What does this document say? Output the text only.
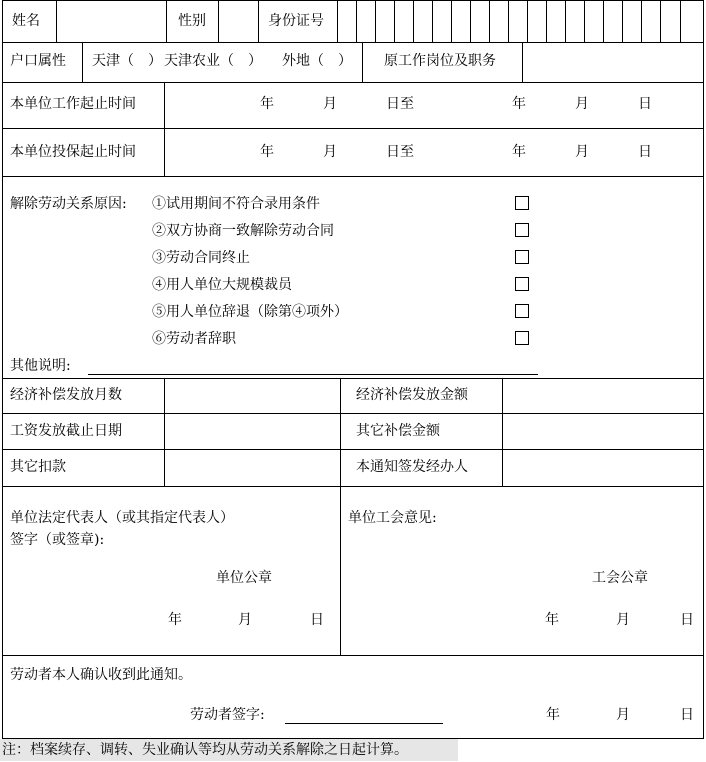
姓名	性别	身份证号
户口属性 天津（　） 天津农业（　） 外地（　） 原工作岗位及职务
本单位工作起止时间	年	月	日至	年	月	日
本单位投保起止时间	年	月	日至	年	月	日
解除劳动关系原因: ①试用期间不符合录用条件
②双方协商一致解除劳动合同
③劳动合同终止
④用人单位大规模裁员
⑤用人单位辞退（除第④项外）
⑥劳动者辞职
其他说明:
经济补偿发放月数	经济补偿发放金额
工资发放截止日期	其它补偿金额
其它扣款	本通知签发经办人
单位法定代表人（或其指定代表人）
签字（或签章):
单位公章
年	月	日
单位工会意见:
工会公章
年	月	日
劳动者本人确认收到此通知。
劳动者签字:	年	月	日
注：档案续存、调转、失业确认等均从劳动关系解除之日起计算。
